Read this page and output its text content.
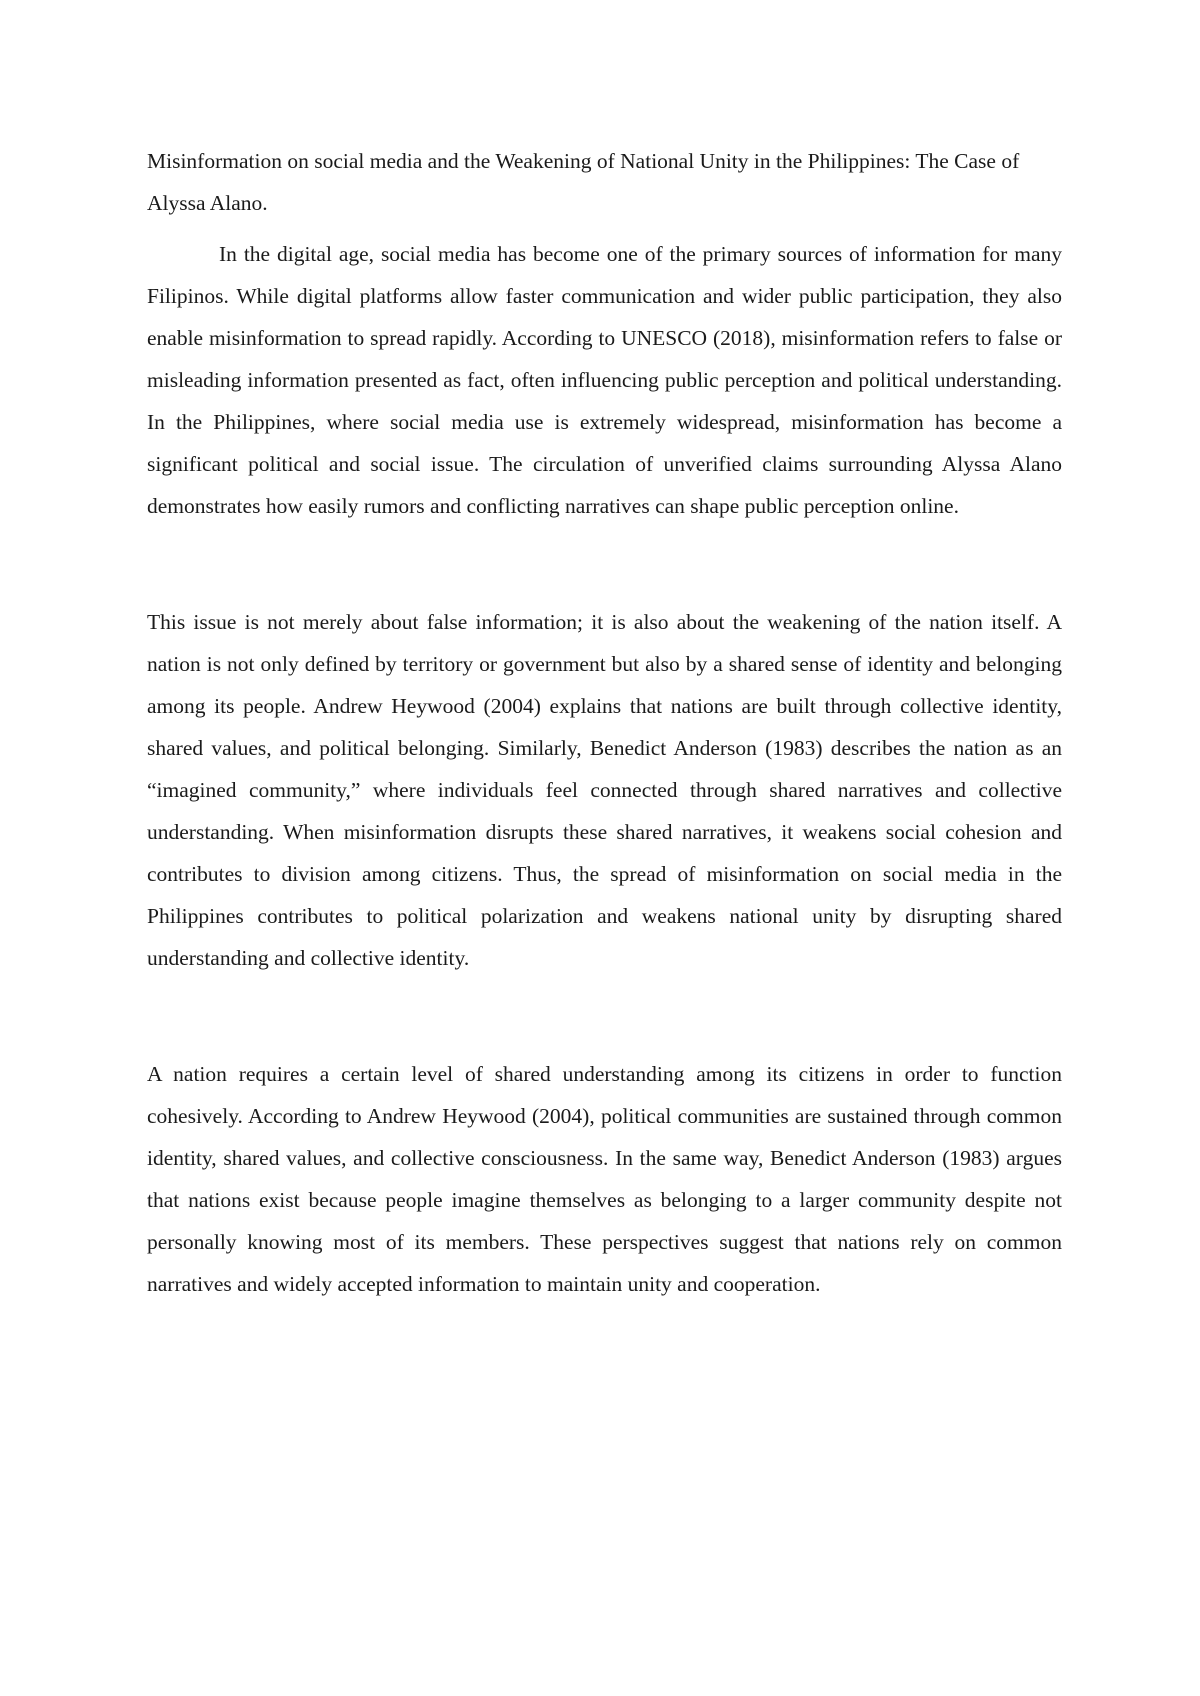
Misinformation on social media and the Weakening of National Unity in the Philippines: The Case of Alyssa Alano.

In the digital age, social media has become one of the primary sources of information for many Filipinos. While digital platforms allow faster communication and wider public participation, they also enable misinformation to spread rapidly. According to UNESCO (2018), misinformation refers to false or misleading information presented as fact, often influencing public perception and political understanding. In the Philippines, where social media use is extremely widespread, misinformation has become a significant political and social issue. The circulation of unverified claims surrounding Alyssa Alano demonstrates how easily rumors and conflicting narratives can shape public perception online.

This issue is not merely about false information; it is also about the weakening of the nation itself. A nation is not only defined by territory or government but also by a shared sense of identity and belonging among its people. Andrew Heywood (2004) explains that nations are built through collective identity, shared values, and political belonging. Similarly, Benedict Anderson (1983) describes the nation as an “imagined community,” where individuals feel connected through shared narratives and collective understanding. When misinformation disrupts these shared narratives, it weakens social cohesion and contributes to division among citizens. Thus, the spread of misinformation on social media in the Philippines contributes to political polarization and weakens national unity by disrupting shared understanding and collective identity.

A nation requires a certain level of shared understanding among its citizens in order to function cohesively. According to Andrew Heywood (2004), political communities are sustained through common identity, shared values, and collective consciousness. In the same way, Benedict Anderson (1983) argues that nations exist because people imagine themselves as belonging to a larger community despite not personally knowing most of its members. These perspectives suggest that nations rely on common narratives and widely accepted information to maintain unity and cooperation.
